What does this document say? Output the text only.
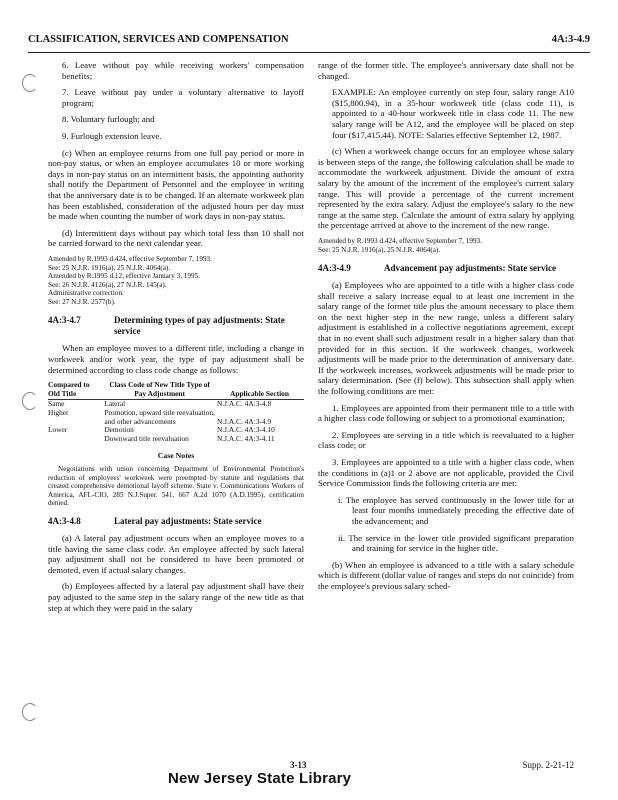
CLASSIFICATION, SERVICES AND COMPENSATION	4A:3-4.9

6. Leave without pay while receiving workers' compensation benefits;

7. Leave without pay under a voluntary alternative to layoff program;

8. Voluntary furlough; and

9. Furlough extension leave.

(c) When an employee returns from one full pay period or more in non-pay status, or when an employee accumulates 10 or more working days in non-pay status on an intermittent basis, the appointing authority shall notify the Department of Personnel and the employee in writing that the anniversary date is to be changed. If an alternate workweek plan has been established, consideration of the adjusted hours per day must be made when counting the number of work days in non-pay status.

(d) Intermittent days without pay which total less than 10 shall not be carried forward to the next calendar year.

Amended by R.1993 d.424, effective September 7, 1993.
See: 25 N.J.R. 1916(a), 25 N.J.R. 4064(a).
Amended by R.1995 d.12, effective January 3, 1995.
See: 26 N.J.R. 4126(a), 27 N.J.R. 145(a).
Administrative correction.
See: 27 N.J.R. 2577(b).
4A:3-4.7	Determining types of pay adjustments: State service

When an employee moves to a different title, including a change in workweek and/or work year, the type of pay adjustment shall be determined according to class code change as follows:

Compared to Old Title	Class Code of New Title Type of Pay Adjustment	Applicable Section
Same	Lateral	N.J.A.C. 4A:3-4.8
Higher	Promotion, upward title reevaluation, and other advancements	N.J.A.C. 4A:3-4.9
Lower	Demotion	N.J.A.C. 4A:3-4.10
	Downward title reevaluation	N.J.A.C. 4A:3-4.11
Case Notes

Negotiations with union concerning Department of Environmental Protection's reduction of employees' workweek were preempted by statute and regulations that created comprehensive demotional layoff scheme. State v. Communications Workers of America, AFL-CIO, 285 N.J.Super. 541, 667 A.2d 1070 (A.D.1995), certification denied.

4A:3-4.8	Lateral pay adjustments: State service

(a) A lateral pay adjustment occurs when an employee moves to a title having the same class code. An employee affected by such lateral pay adjustment shall not be considered to have been promoted or demoted, even if actual salary changes.

(b) Employees affected by a lateral pay adjustment shall have their pay adjusted to the same step in the salary range of the new title as that step at which they were paid in the salary

range of the former title. The employee's anniversary date shall not be changed.

EXAMPLE: An employee currently on step four, salary range A10 ($15,800.94), in a 35-hour workweek title (class code 11), is appointed to a 40-hour workweek title in class code 11. The new salary range will be A12, and the employee will be placed on step four ($17,415.44). NOTE: Salaries effective September 12, 1987.

(c) When a workweek change occurs for an employee whose salary is between steps of the range, the following calculation shall be made to accommodate the workweek adjustment. Divide the amount of extra salary by the amount of the increment of the employee's current salary range. This will provide a percentage of the current increment represented by the extra salary. Adjust the employee's salary to the new range at the same step. Calculate the amount of extra salary by applying the percentage arrived at above to the increment of the new range.

Amended by R.1993 d.424, effective September 7, 1993.
See: 25 N.J.R. 1916(a), 25 N.J.R. 4064(a).
4A:3-4.9	Advancement pay adjustments: State service

(a) Employees who are appointed to a title with a higher class code shall receive a salary increase equal to at least one increment in the salary range of the former title plus the amount necessary to place them on the next higher step in the new range, unless a different salary adjustment is established in a collective negotiations agreement, except that in no event shall such adjustment result in a higher salary than that provided for in this section. If the workweek changes, workweek adjustments will be made prior to the determination of anniversary date. If the workweek increases, workweek adjustments will be made prior to salary determination. (See (f) below). This subsection shall apply when the following conditions are met:

1. Employees are appointed from their permanent title to a title with a higher class code following or subject to a promotional examination;

2. Employees are serving in a title which is reevaluated to a higher class code; or

3. Employees are appointed to a title with a higher class code, when the conditions in (a)1 or 2 above are not applicable, provided the Civil Service Commission finds the following criteria are met:

i. The employee has served continuously in the lower title for at least four months immediately preceding the effective date of the advancement; and

ii. The service in the lower title provided significant preparation and training for service in the higher title.

(b) When an employee is advanced to a title with a salary schedule which is different (dollar value of ranges and steps do not coincide) from the employee's previous salary sched-

3-13	Supp. 2-21-12
New Jersey State Library
